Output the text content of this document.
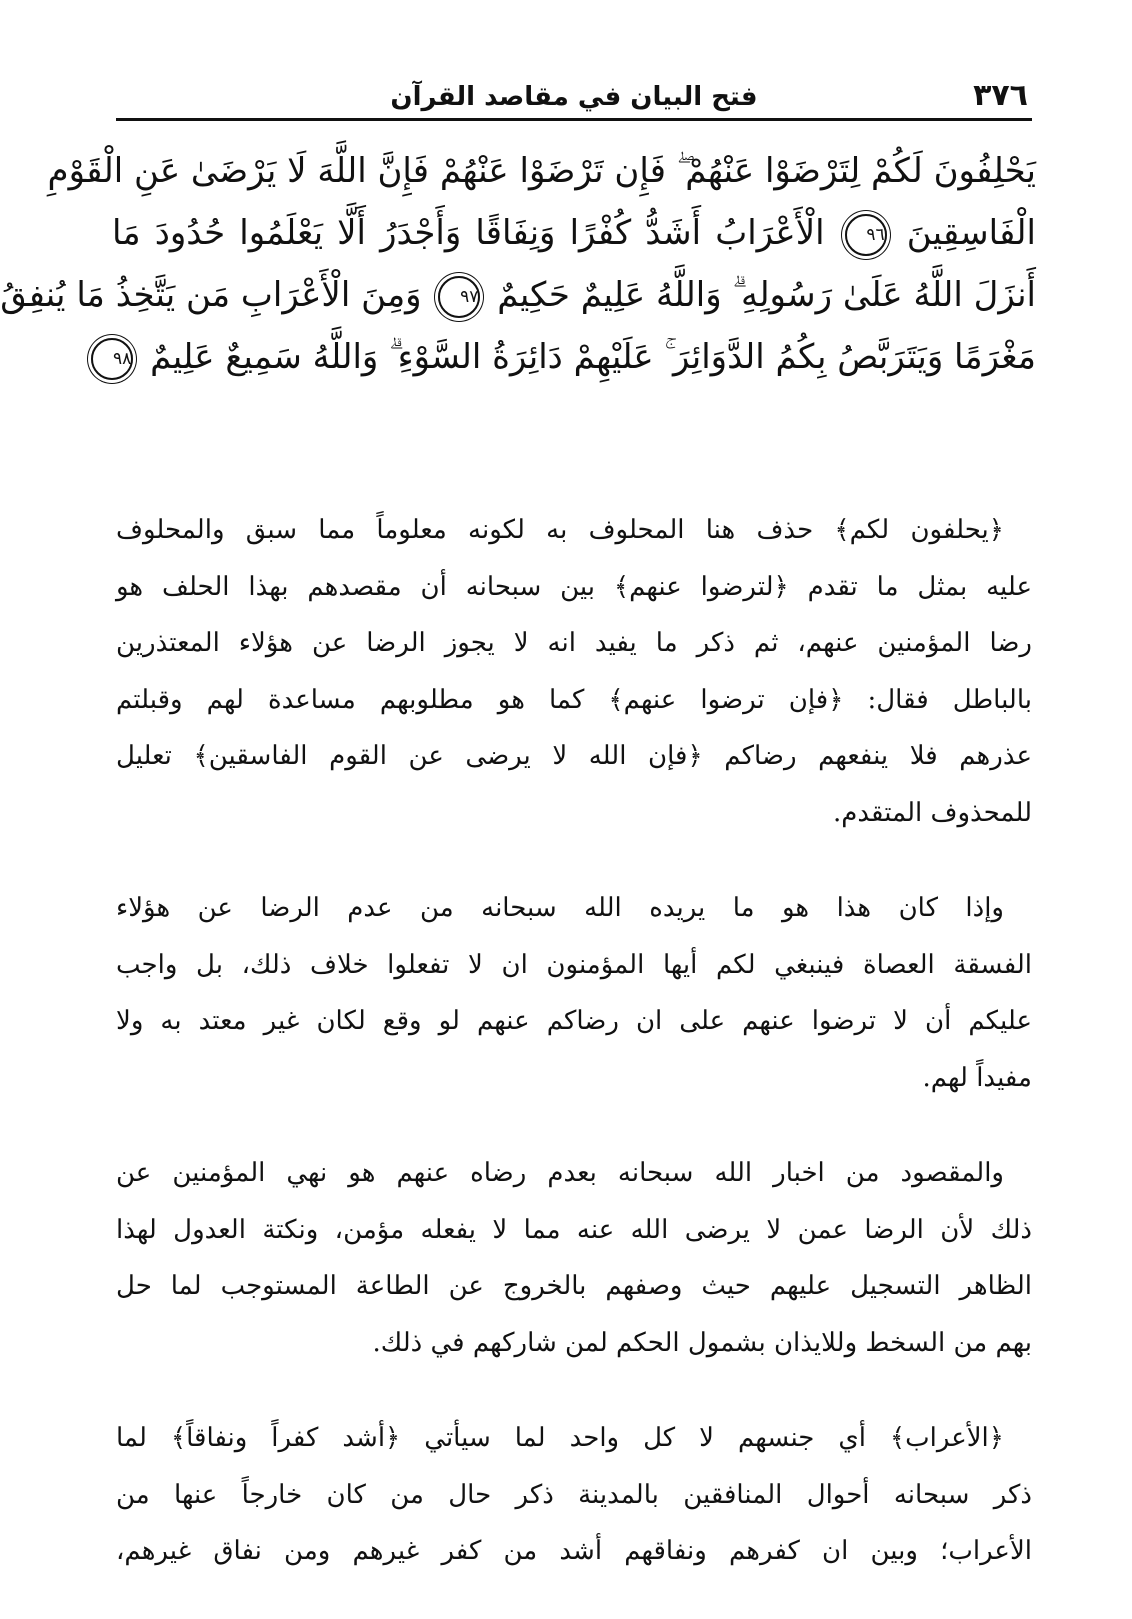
٣٧٦
فتح البيان في مقاصد القرآن
يَحْلِفُونَ لَكُمْ لِتَرْضَوْا عَنْهُمْ ۖ فَإِن تَرْضَوْا عَنْهُمْ فَإِنَّ اللَّهَ لَا يَرْضَىٰ عَنِ الْقَوْمِ
الْفَاسِقِينَ ٩٦ الْأَعْرَابُ أَشَدُّ كُفْرًا وَنِفَاقًا وَأَجْدَرُ أَلَّا يَعْلَمُوا حُدُودَ مَا
أَنزَلَ اللَّهُ عَلَىٰ رَسُولِهِ ۗ وَاللَّهُ عَلِيمٌ حَكِيمٌ ٩٧ وَمِنَ الْأَعْرَابِ مَن يَتَّخِذُ مَا يُنفِقُ
مَغْرَمًا وَيَتَرَبَّصُ بِكُمُ الدَّوَائِرَ ۚ عَلَيْهِمْ دَائِرَةُ السَّوْءِ ۗ وَاللَّهُ سَمِيعٌ عَلِيمٌ ٩٨
﴿يحلفون لكم﴾ حذف هنا المحلوف به لكونه معلوماً مما سبق والمحلوف
عليه بمثل ما تقدم ﴿لترضوا عنهم﴾ بين سبحانه أن مقصدهم بهذا الحلف هو
رضا المؤمنين عنهم، ثم ذكر ما يفيد انه لا يجوز الرضا عن هؤلاء المعتذرين
بالباطل فقال: ﴿فإن ترضوا عنهم﴾ كما هو مطلوبهم مساعدة لهم وقبلتم
عذرهم فلا ينفعهم رضاكم ﴿فإن الله لا يرضى عن القوم الفاسقين﴾ تعليل
للمحذوف المتقدم.
وإذا كان هذا هو ما يريده الله سبحانه من عدم الرضا عن هؤلاء
الفسقة العصاة فينبغي لكم أيها المؤمنون ان لا تفعلوا خلاف ذلك، بل واجب
عليكم أن لا ترضوا عنهم على ان رضاكم عنهم لو وقع لكان غير معتد به ولا
مفيداً لهم.
والمقصود من اخبار الله سبحانه بعدم رضاه عنهم هو نهي المؤمنين عن
ذلك لأن الرضا عمن لا يرضى الله عنه مما لا يفعله مؤمن، ونكتة العدول لهذا
الظاهر التسجيل عليهم حيث وصفهم بالخروج عن الطاعة المستوجب لما حل
بهم من السخط وللايذان بشمول الحكم لمن شاركهم في ذلك.
﴿الأعراب﴾ أي جنسهم لا كل واحد لما سيأتي ﴿أشد كفراً ونفاقاً﴾ لما
ذكر سبحانه أحوال المنافقين بالمدينة ذكر حال من كان خارجاً عنها من
الأعراب؛ وبين ان كفرهم ونفاقهم أشد من كفر غيرهم ومن نفاق غيرهم،
